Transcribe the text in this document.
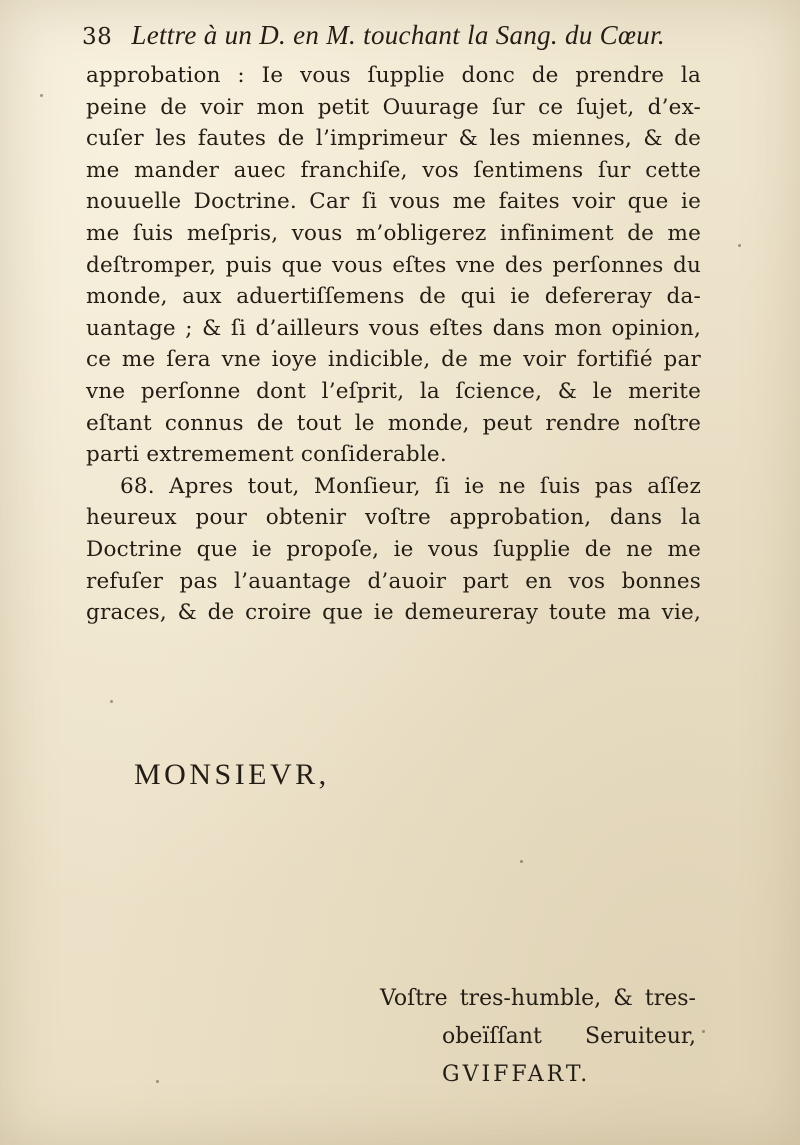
38 Lettre à un D. en M. touchant la Sang. du Cœur.
approbation : Ie vous ſupplie donc de prendre la
peine de voir mon petit Ouurage ſur ce ſujet, d’ex-
cuſer les fautes de l’imprimeur & les miennes, & de
me mander auec franchiſe, vos ſentimens ſur cette
nouuelle Doctrine. Car ſi vous me faites voir que ie
me ſuis meſpris, vous m’obligerez infiniment de me
deſtromper, puis que vous eſtes vne des perſonnes du
monde, aux aduertiſſemens de qui ie defereray da-
uantage ; & ſi d’ailleurs vous eſtes dans mon opinion,
ce me ſera vne ioye indicible, de me voir fortifié par
vne perſonne dont l’eſprit, la ſcience, & le merite
eſtant connus de tout le monde, peut rendre noſtre
parti extremement conſiderable.
68. Apres tout, Monſieur, ſi ie ne ſuis pas aſſez
heureux pour obtenir voſtre approbation, dans la
Doctrine que ie propoſe, ie vous ſupplie de ne me
refuſer pas l’auantage d’auoir part en vos bonnes
graces, & de croire que ie demeureray toute ma vie,
MONSIEVR,
Voſtre tres-humble, & tres-
obeïſſant Seruiteur,
GVIFFART.
